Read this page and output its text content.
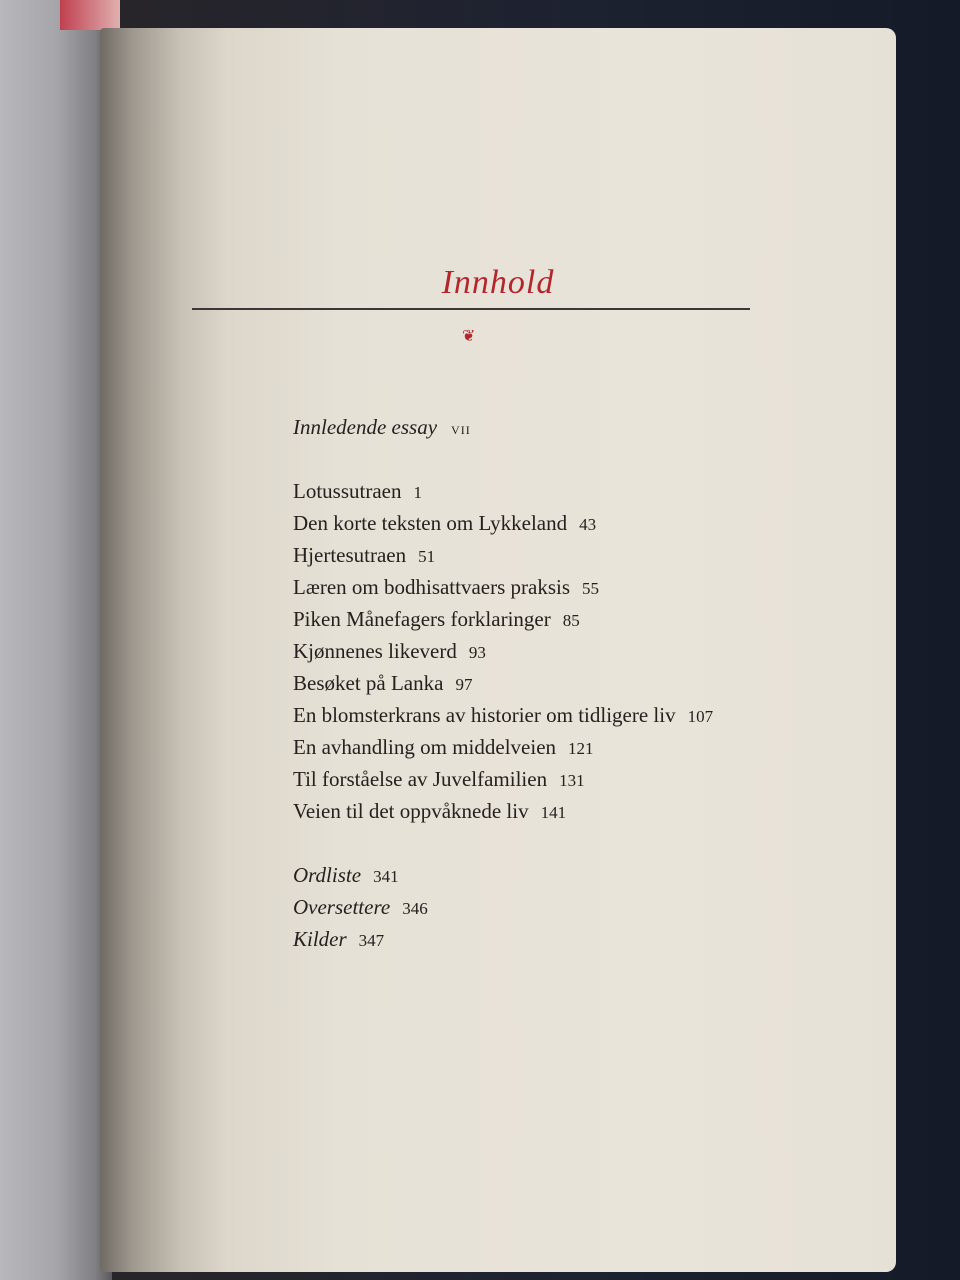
Innhold
❦
Innledende essay vii
Lotussutraen 1
Den korte teksten om Lykkeland 43
Hjertesutraen 51
Læren om bodhisattvaers praksis 55
Piken Månefagers forklaringer 85
Kjønnenes likeverd 93
Besøket på Lanka 97
En blomsterkrans av historier om tidligere liv 107
En avhandling om middelveien 121
Til forståelse av Juvelfamilien 131
Veien til det oppvåknede liv 141
Ordliste 341
Oversettere 346
Kilder 347
